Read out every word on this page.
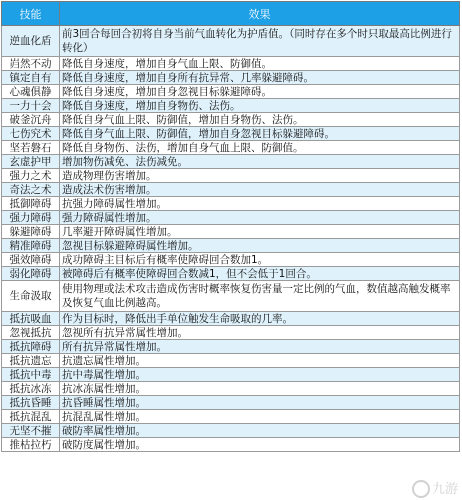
技能	效果
逆血化盾	前3回合每回合初将自身当前气血转化为护盾值。（同时存在多个时只取最高比例进行转化）
岿然不动	降低自身速度，增加自身气血上限、防御值。
镇定自有	降低自身速度，增加自身所有抗异常、几率躲避障碍。
心魂俱静	降低自身速度，增加自身忽视目标躲避障碍。
一力十会	降低自身速度，增加自身物伤、法伤。
破釜沉舟	降低自身气血上限、防御值，增加自身物伤、法伤。
七伤究术	降低自身气血上限、防御值，增加自身忽视目标躲避障碍。
坚若磐石	降低自身物伤、法伤，增加自身气血上限、防御值。
玄虚护甲	增加物伤减免、法伤减免。
强力之术	造成物理伤害增加。
奇法之术	造成法术伤害增加。
抵御障碍	抗强力障碍属性增加。
强力障碍	强力障碍属性增加。
躲避障碍	几率避开障碍属性增加。
精准障碍	忽视目标躲避障碍属性增加。
强效障碍	成功障碍主目标后有概率使障碍回合数加1。
弱化障碍	被障碍后有概率使障碍回合数减1，但不会低于1回合。
生命汲取	使用物理或法术攻击造成伤害时概率恢复伤害量一定比例的气血，数值越高触发概率及恢复气血比例越高。
抵抗吸血	作为目标时，降低出手单位触发生命吸取的几率。
忽视抵抗	忽视所有抗异常属性增加。
抵抗障碍	所有抗异常属性增加。
抵抗遗忘	抗遗忘属性增加。
抵抗中毒	抗中毒属性增加。
抵抗冰冻	抗冰冻属性增加。
抵抗昏睡	抗昏睡属性增加。
抵抗混乱	抗混乱属性增加。
无坚不摧	破防率属性增加。
推枯拉朽	破防度属性增加。
九游
